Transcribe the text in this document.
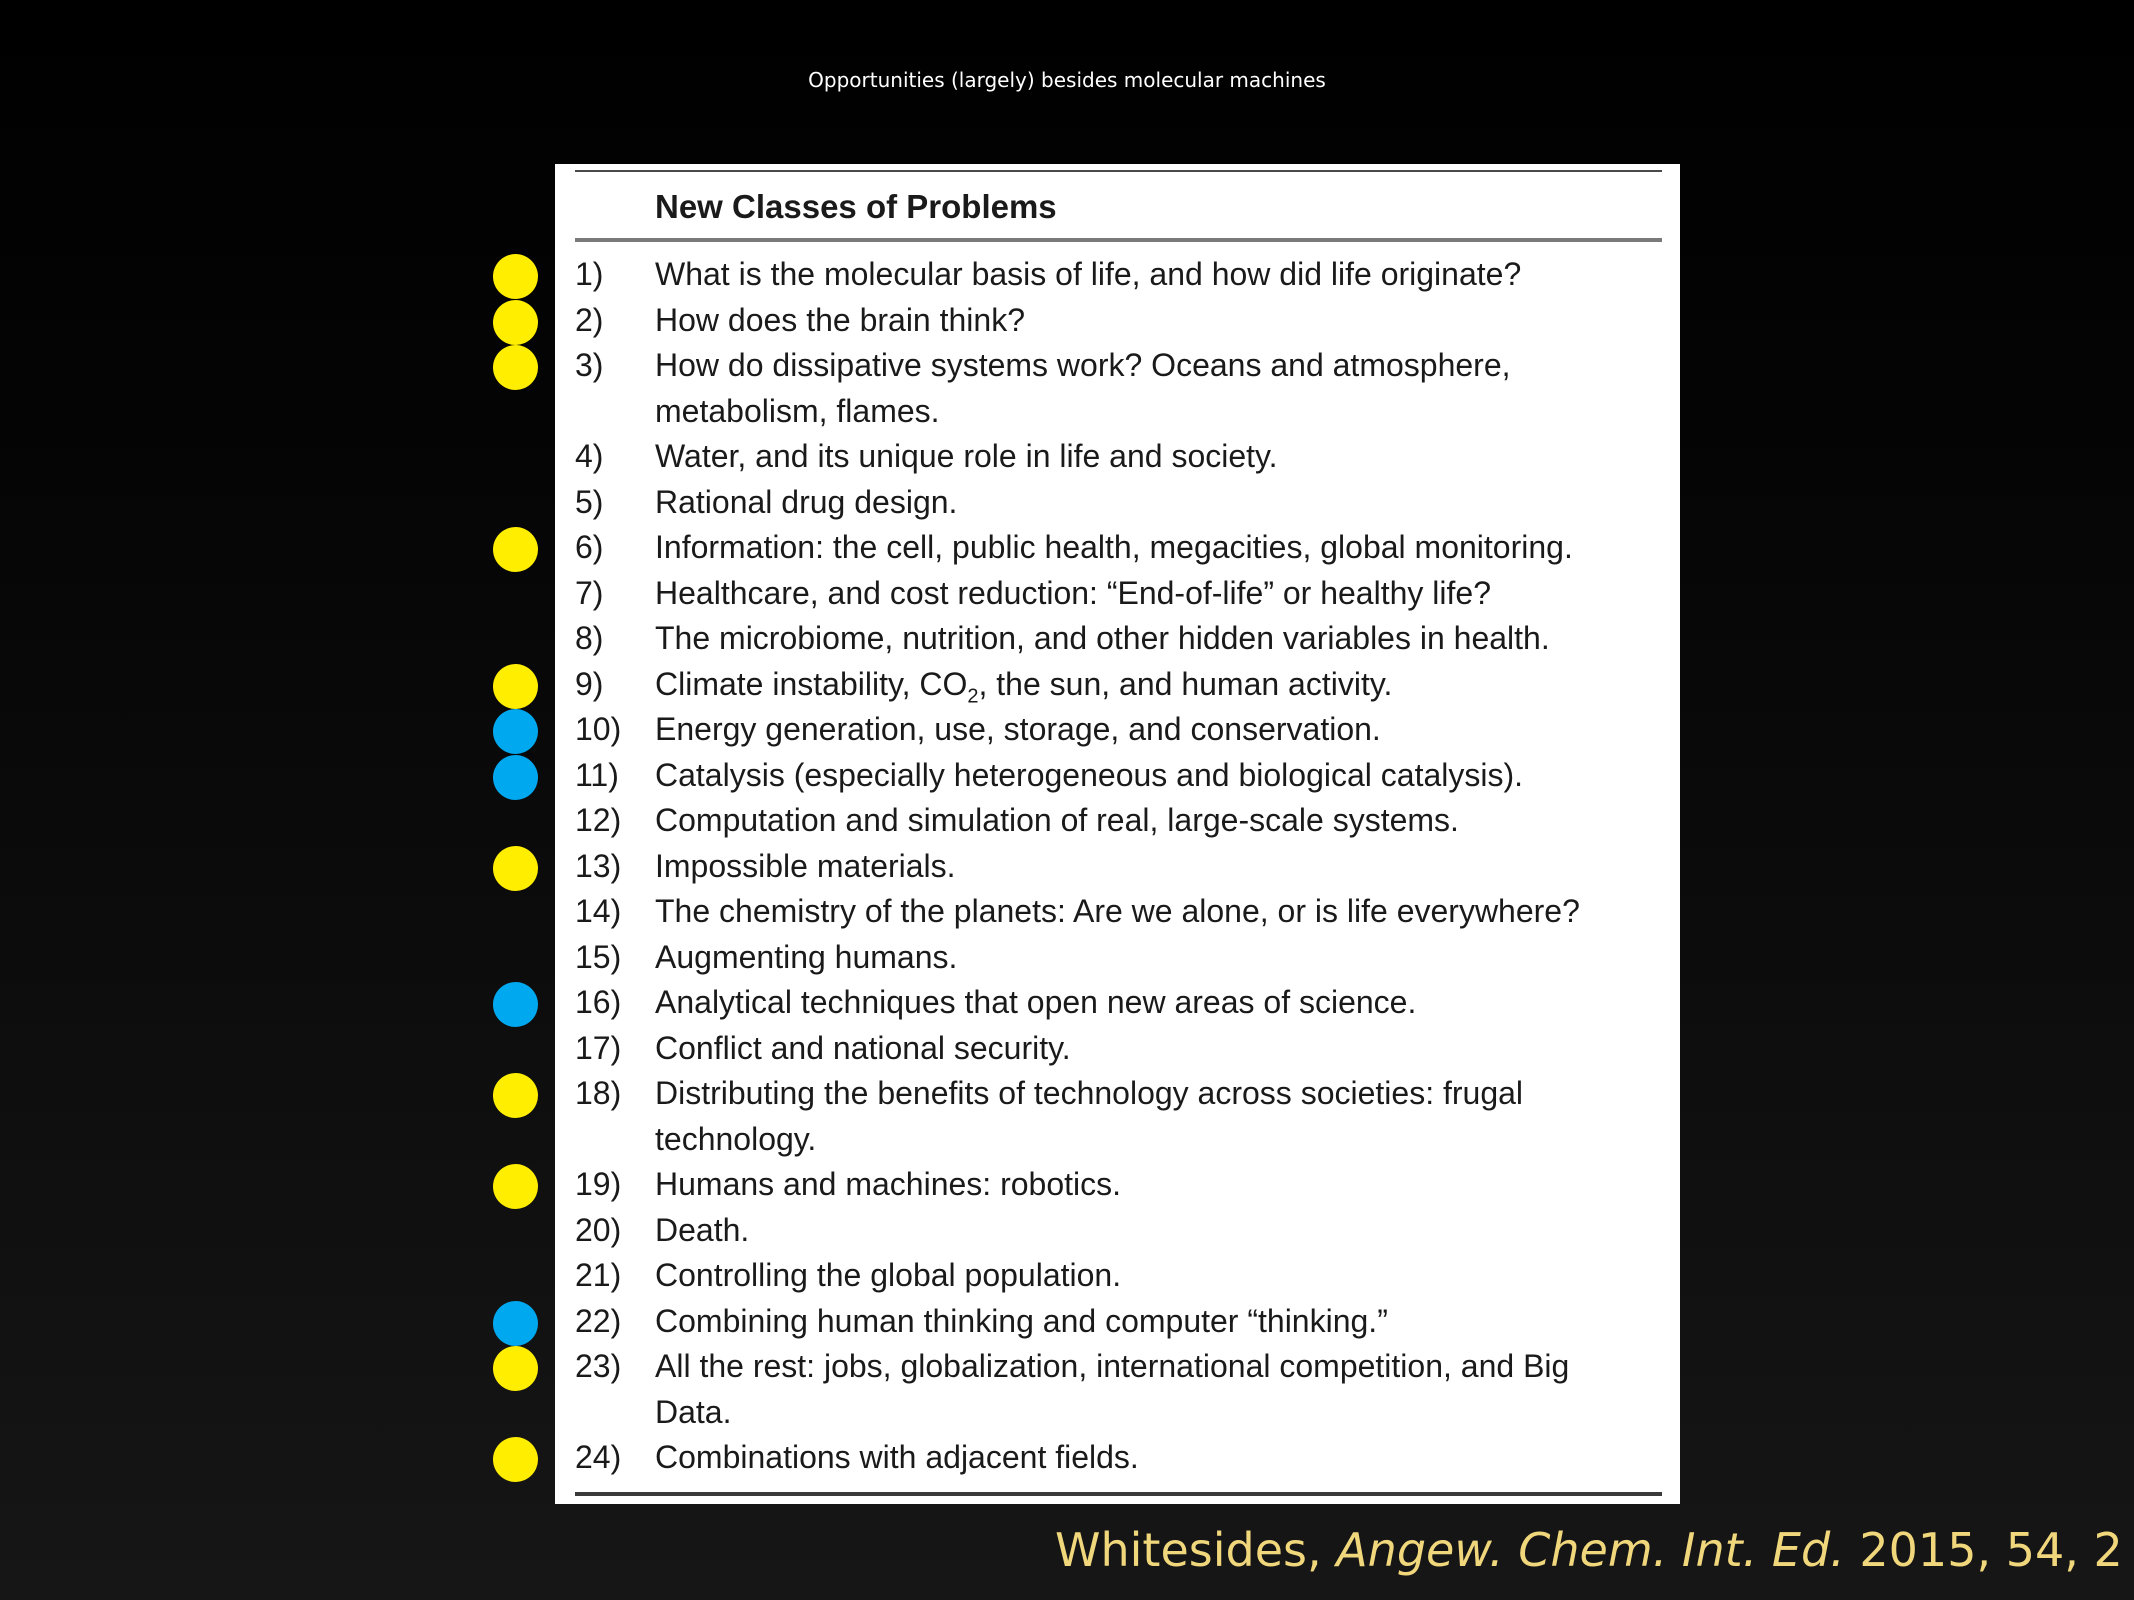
Opportunities (largely) besides molecular machines
New Classes of Problems
1)	What is the molecular basis of life, and how did life originate?
2)	How does the brain think?
3)	How do dissipative systems work? Oceans and atmosphere,
metabolism, flames.
4)	Water, and its unique role in life and society.
5)	Rational drug design.
6)	Information: the cell, public health, megacities, global monitoring.
7)	Healthcare, and cost reduction: “End-of-life” or healthy life?
8)	The microbiome, nutrition, and other hidden variables in health.
9)	Climate instability, $CO_2$, the sun, and human activity.
10)	Energy generation, use, storage, and conservation.
11)	Catalysis (especially heterogeneous and biological catalysis).
12)	Computation and simulation of real, large-scale systems.
13)	Impossible materials.
14)	The chemistry of the planets: Are we alone, or is life everywhere?
15)	Augmenting humans.
16)	Analytical techniques that open new areas of science.
17)	Conflict and national security.
18)	Distributing the benefits of technology across societies: frugal
technology.
19)	Humans and machines: robotics.
20)	Death.
21)	Controlling the global population.
22)	Combining human thinking and computer “thinking.”
23)	All the rest: jobs, globalization, international competition, and Big
Data.
24)	Combinations with adjacent fields.
Whitesides, Angew. Chem. Int. Ed. 2015, 54, 2
